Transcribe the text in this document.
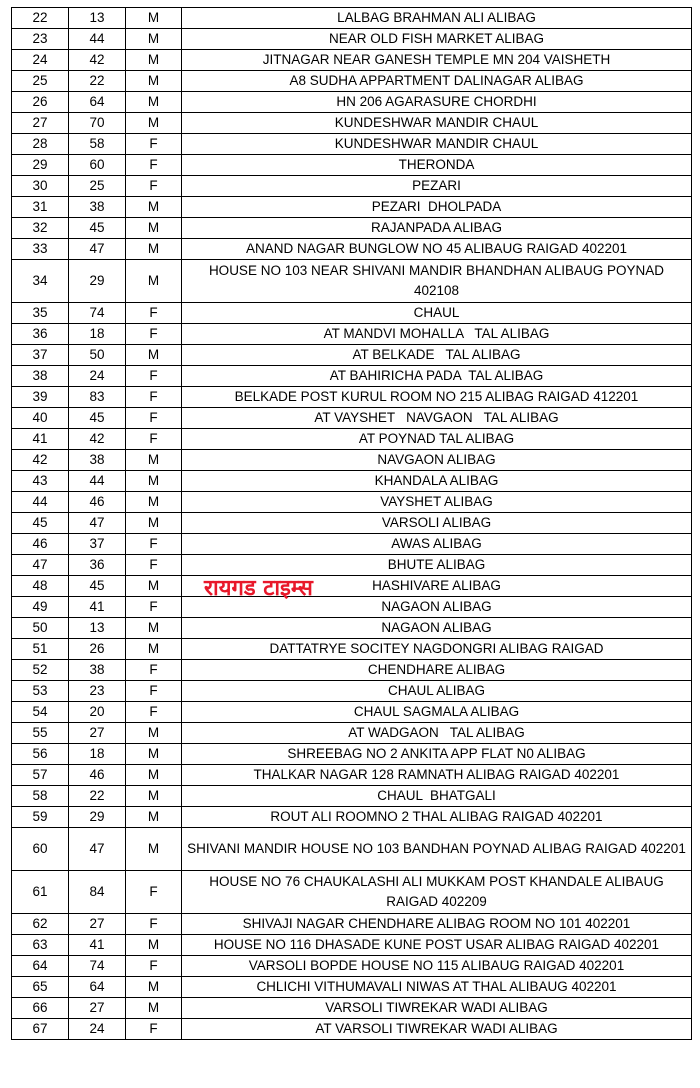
22	13	M	LALBAG BRAHMAN ALI ALIBAG
23	44	M	NEAR OLD FISH MARKET ALIBAG
24	42	M	JITNAGAR NEAR GANESH TEMPLE MN 204 VAISHETH
25	22	M	A8 SUDHA APPARTMENT DALINAGAR ALIBAG
26	64	M	HN 206 AGARASURE CHORDHI
27	70	M	KUNDESHWAR MANDIR CHAUL
28	58	F	KUNDESHWAR MANDIR CHAUL
29	60	F	THERONDA
30	25	F	PEZARI
31	38	M	PEZARI  DHOLPADA
32	45	M	RAJANPADA ALIBAG
33	47	M	ANAND NAGAR BUNGLOW NO 45 ALIBAUG RAIGAD 402201
34	29	M	HOUSE NO 103 NEAR SHIVANI MANDIR BHANDHAN ALIBAUG POYNAD 402108
35	74	F	CHAUL
36	18	F	AT MANDVI MOHALLA   TAL ALIBAG
37	50	M	AT BELKADE   TAL ALIBAG
38	24	F	AT BAHIRICHA PADA  TAL ALIBAG
39	83	F	BELKADE POST KURUL ROOM NO 215 ALIBAG RAIGAD 412201
40	45	F	AT VAYSHET   NAVGAON   TAL ALIBAG
41	42	F	AT POYNAD TAL ALIBAG
42	38	M	NAVGAON ALIBAG
43	44	M	KHANDALA ALIBAG
44	46	M	VAYSHET ALIBAG
45	47	M	VARSOLI ALIBAG
46	37	F	AWAS ALIBAG
47	36	F	BHUTE ALIBAG
48	45	M	HASHIVARE ALIBAG
49	41	F	NAGAON ALIBAG
50	13	M	NAGAON ALIBAG
51	26	M	DATTATRYE SOCITEY NAGDONGRI ALIBAG RAIGAD
52	38	F	CHENDHARE ALIBAG
53	23	F	CHAUL ALIBAG
54	20	F	CHAUL SAGMALA ALIBAG
55	27	M	AT WADGAON   TAL ALIBAG
56	18	M	SHREEBAG NO 2 ANKITA APP FLAT N0 ALIBAG
57	46	M	THALKAR NAGAR 128 RAMNATH ALIBAG RAIGAD 402201
58	22	M	CHAUL  BHATGALI
59	29	M	ROUT ALI ROOMNO 2 THAL ALIBAG RAIGAD 402201
60	47	M	SHIVANI MANDIR HOUSE NO 103 BANDHAN POYNAD ALIBAG RAIGAD 402201
61	84	F	HOUSE NO 76 CHAUKALASHI ALI MUKKAM POST KHANDALE ALIBAUG RAIGAD 402209
62	27	F	SHIVAJI NAGAR CHENDHARE ALIBAG ROOM NO 101 402201
63	41	M	HOUSE NO 116 DHASADE KUNE POST USAR ALIBAG RAIGAD 402201
64	74	F	VARSOLI BOPDE HOUSE NO 115 ALIBAUG RAIGAD 402201
65	64	M	CHLICHI VITHUMAVALI NIWAS AT THAL ALIBAUG 402201
66	27	M	VARSOLI TIWREKAR WADI ALIBAG
67	24	F	AT VARSOLI TIWREKAR WADI ALIBAG
रायगड टाइम्स
